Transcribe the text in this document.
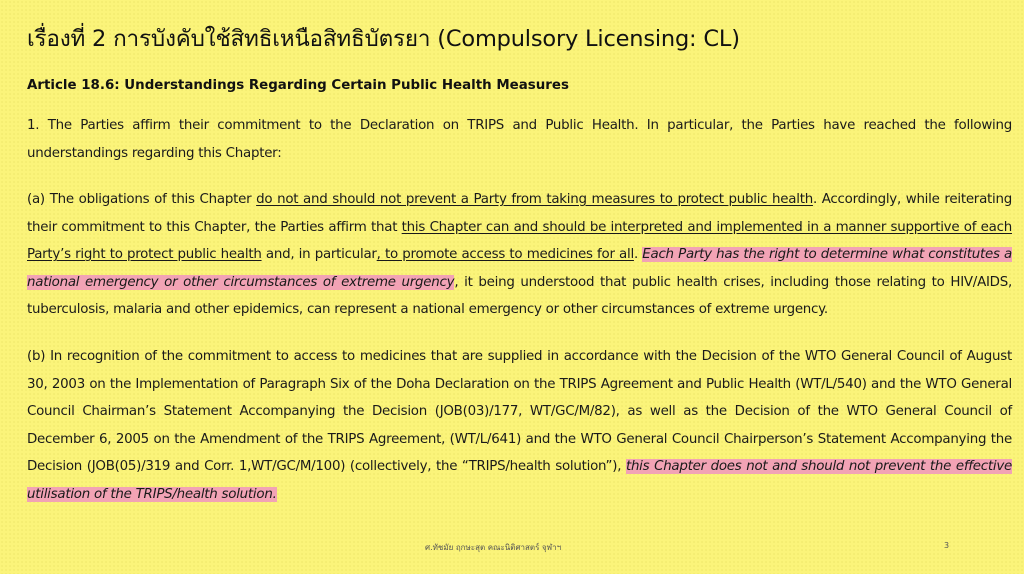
เรื่องที่ 2 การบังคับใช้สิทธิเหนือสิทธิบัตรยา (Compulsory Licensing: CL)
Article 18.6: Understandings Regarding Certain Public Health Measures

1. The Parties affirm their commitment to the Declaration on TRIPS and Public Health. In particular, the Parties have reached the following understandings regarding this Chapter:

(a) The obligations of this Chapter do not and should not prevent a Party from taking measures to protect public health. Accordingly, while reiterating their commitment to this Chapter, the Parties affirm that this Chapter can and should be interpreted and implemented in a manner supportive of each Party’s right to protect public health and, in particular, to promote access to medicines for all. Each Party has the right to determine what constitutes a national emergency or other circumstances of extreme urgency, it being understood that public health crises, including those relating to HIV/AIDS, tuberculosis, malaria and other epidemics, can represent a national emergency or other circumstances of extreme urgency.

(b) In recognition of the commitment to access to medicines that are supplied in accordance with the Decision of the WTO General Council of August 30, 2003 on the Implementation of Paragraph Six of the Doha Declaration on the TRIPS Agreement and Public Health (WT/L/540) and the WTO General Council Chairman’s Statement Accompanying the Decision (JOB(03)/177, WT/GC/M/82), as well as the Decision of the WTO General Council of December 6, 2005 on the Amendment of the TRIPS Agreement, (WT/L/641) and the WTO General Council Chairperson’s Statement Accompanying the Decision (JOB(05)/319 and Corr. 1,WT/GC/M/100) (collectively, the “TRIPS/health solution”), this Chapter does not and should not prevent the effective utilisation of the TRIPS/health solution.

ศ.ทัชมัย ฤกษะสุต คณะนิติศาสตร์ จุฬาฯ	3
